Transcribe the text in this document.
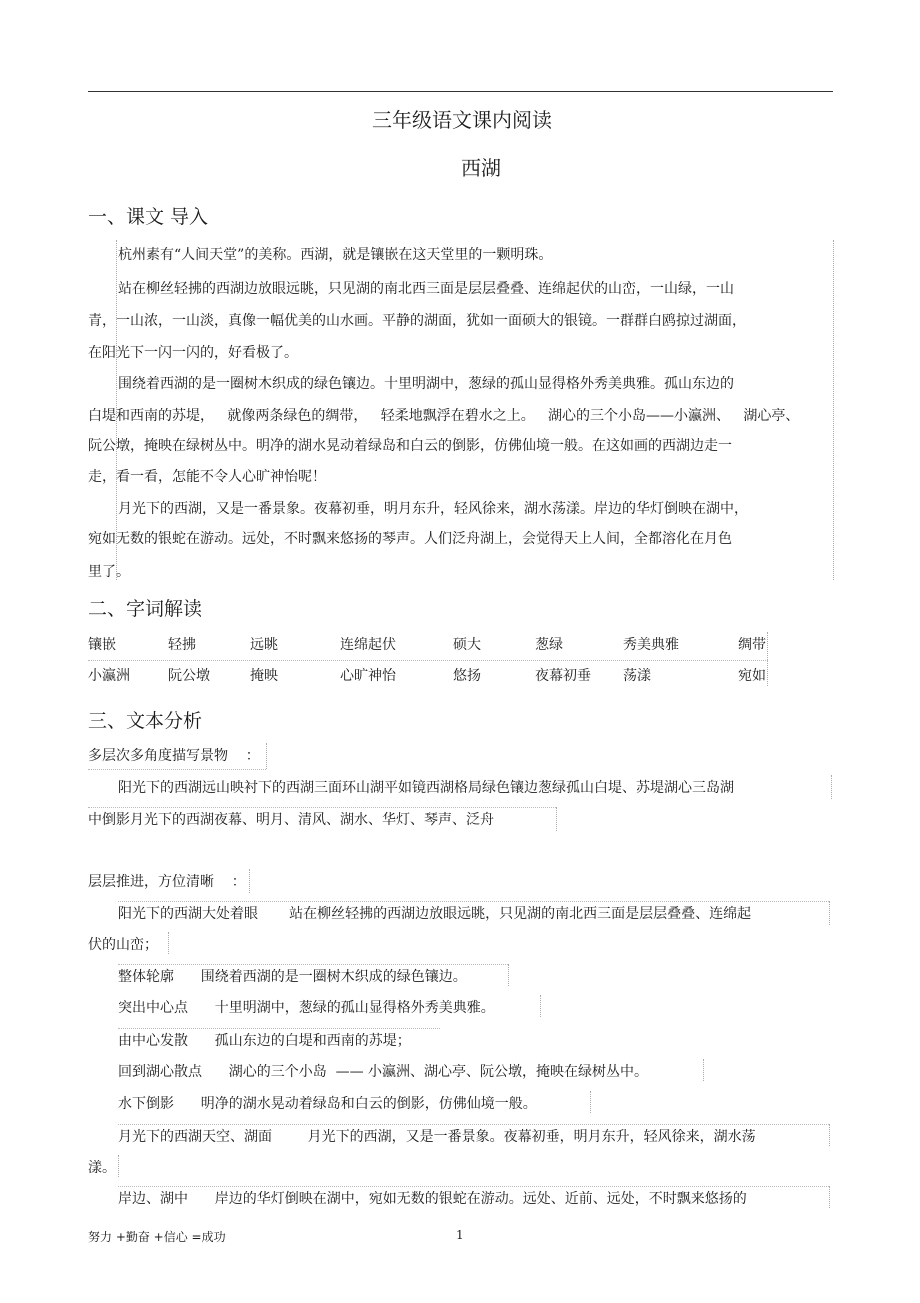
三年级语文课内阅读
西湖
一、课文 导入
杭州素有“人间天堂”的美称。西湖，就是镶嵌在这天堂里的一颗明珠。
站在柳丝轻拂的西湖边放眼远眺，只见湖的南北西三面是层层叠叠、连绵起伏的山峦，一山绿，一山
青，一山浓，一山淡，真像一幅优美的山水画。平静的湖面，犹如一面硕大的银镜。一群群白鸥掠过湖面，
在阳光下一闪一闪的，好看极了。
围绕着西湖的是一圈树木织成的绿色镶边。十里明湖中，葱绿的孤山显得格外秀美典雅。孤山东边的
白堤和西南的苏堤，   就像两条绿色的绸带，   轻柔地飘浮在碧水之上。   湖心的三个小岛——小瀛洲、   湖心亭、
阮公墩，掩映在绿树丛中。明净的湖水晃动着绿岛和白云的倒影，仿佛仙境一般。在这如画的西湖边走一
走，看一看，怎能不令人心旷神怡呢！
月光下的西湖，又是一番景象。夜幕初垂，明月东升，轻风徐来，湖水荡漾。岸边的华灯倒映在湖中，
宛如无数的银蛇在游动。远处，不时飘来悠扬的琴声。人们泛舟湖上，会觉得天上人间，全都溶化在月色
里了。
二、字词解读
镶嵌	轻拂	远眺	连绵起伏	硕大	葱绿	秀美典雅	绸带
小瀛洲	阮公墩	掩映	心旷神怡	悠扬	夜幕初垂 荡漾	宛如
三、文本分析
多层次多角度描写景物    ：
阳光下的西湖远山映衬下的西湖三面环山湖平如镜西湖格局绿色镶边葱绿孤山白堤、苏堤湖心三岛湖
中倒影月光下的西湖夜幕、明月、清风、湖水、华灯、琴声、泛舟
层层推进，方位清晰    ：
阳光下的西湖大处着眼       站在柳丝轻拂的西湖边放眼远眺，只见湖的南北西三面是层层叠叠、连绵起
伏的山峦；
整体轮廓      围绕着西湖的是一圈树木织成的绿色镶边。
突出中心点      十里明湖中，葱绿的孤山显得格外秀美典雅。
由中心发散      孤山东边的白堤和西南的苏堤；
回到湖心散点      湖心的三个小岛  —— 小瀛洲、湖心亭、阮公墩，掩映在绿树丛中。
水下倒影      明净的湖水晃动着绿岛和白云的倒影，仿佛仙境一般。
月光下的西湖天空、湖面        月光下的西湖，又是一番景象。夜幕初垂，明月东升，轻风徐来，湖水荡
漾。
岸边、湖中      岸边的华灯倒映在湖中，宛如无数的银蛇在游动。远处、近前、远处，不时飘来悠扬的
努力 +勤奋 +信心 =成功	1
